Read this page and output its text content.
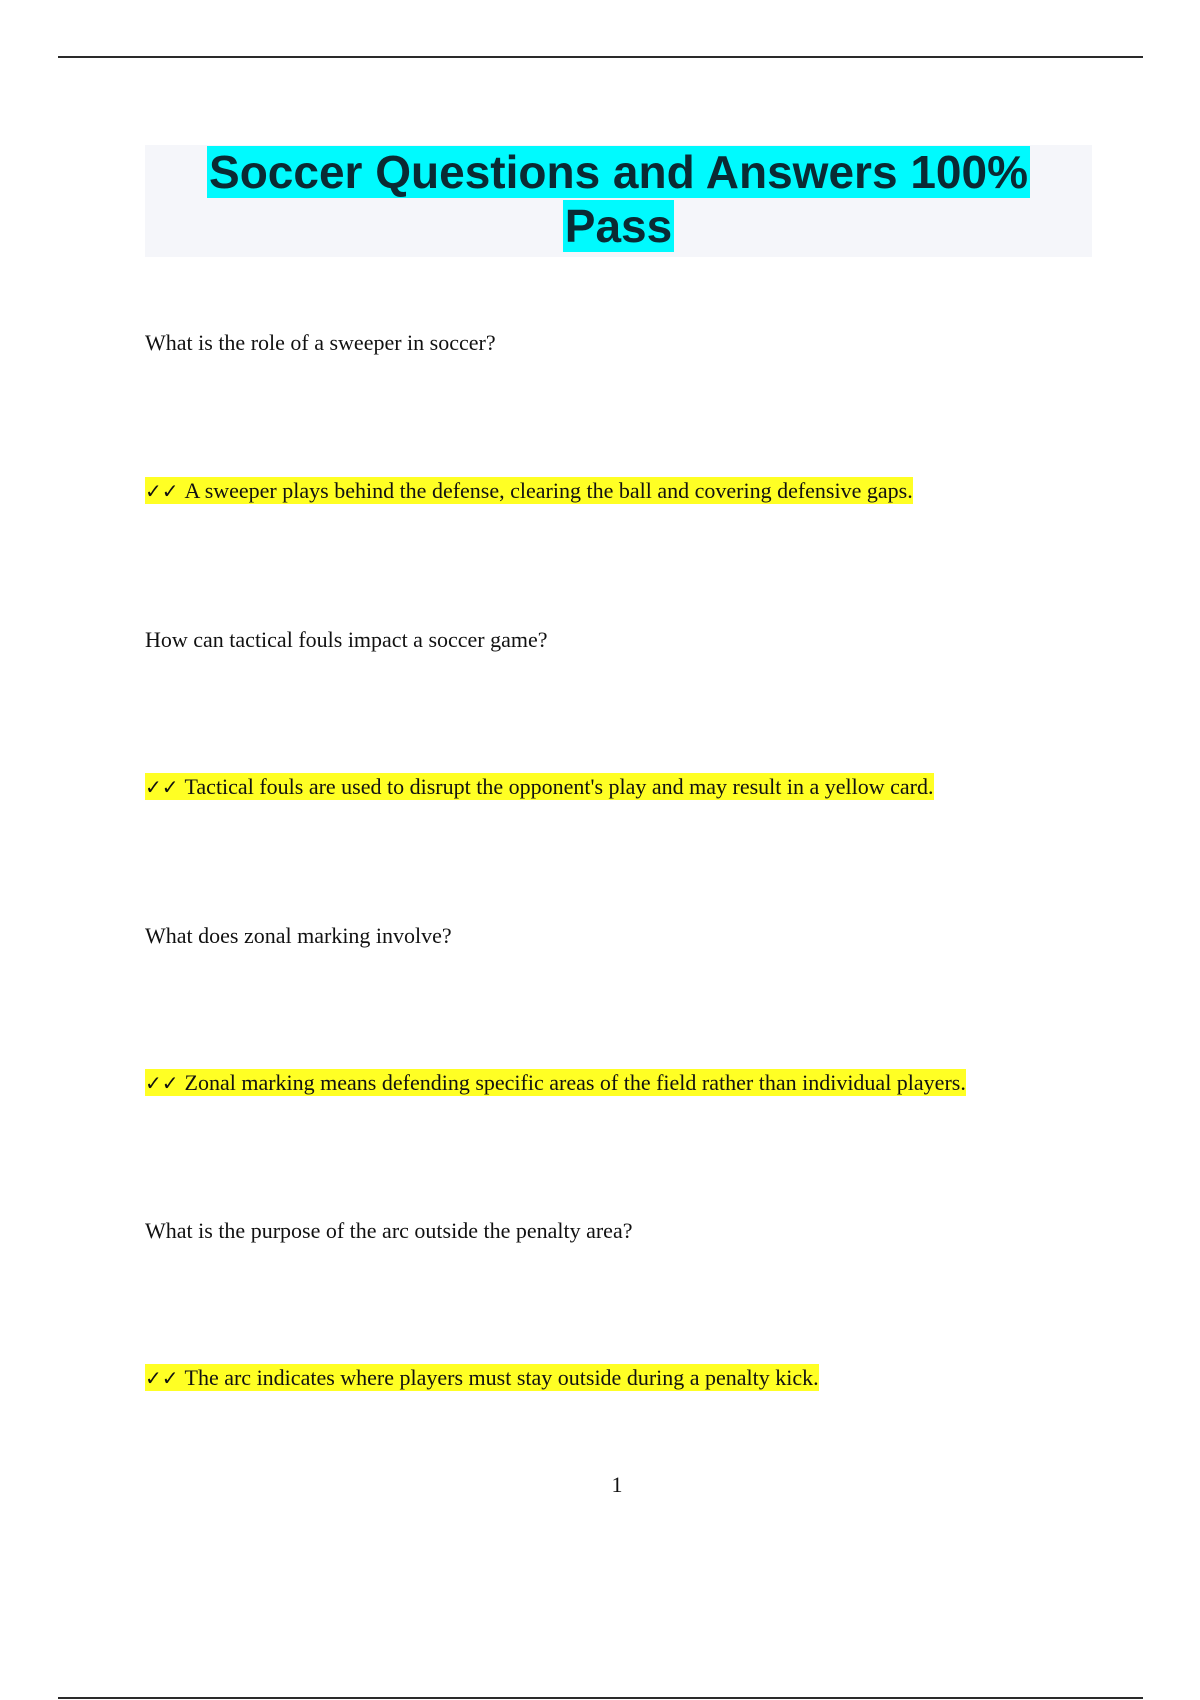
Soccer Questions and Answers 100%
Pass
What is the role of a sweeper in soccer?
✓✓ A sweeper plays behind the defense, clearing the ball and covering defensive gaps.
How can tactical fouls impact a soccer game?
✓✓ Tactical fouls are used to disrupt the opponent's play and may result in a yellow card.
What does zonal marking involve?
✓✓ Zonal marking means defending specific areas of the field rather than individual players.
What is the purpose of the arc outside the penalty area?
✓✓ The arc indicates where players must stay outside during a penalty kick.
1
